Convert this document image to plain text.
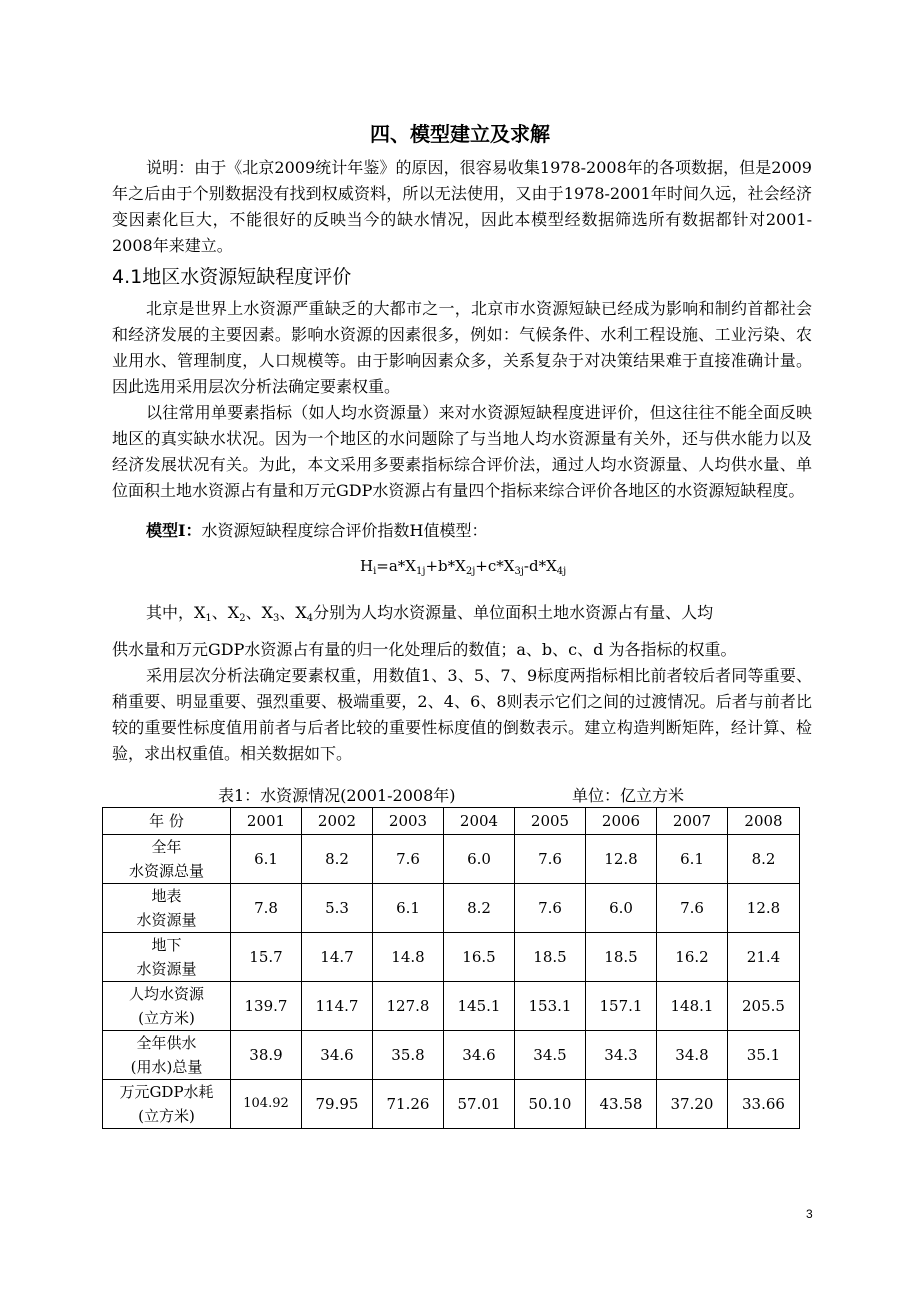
四、模型建立及求解

说明：由于《北京2009统计年鉴》的原因，很容易收集1978-2008年的各项数据，但是2009年之后由于个别数据没有找到权威资料，所以无法使用，又由于1978-2001年时间久远，社会经济变因素化巨大，不能很好的反映当今的缺水情况，因此本模型经数据筛选所有数据都针对2001-2008年来建立。

4.1地区水资源短缺程度评价

北京是世界上水资源严重缺乏的大都市之一，北京市水资源短缺已经成为影响和制约首都社会和经济发展的主要因素。影响水资源的因素很多，例如：气候条件、水利工程设施、工业污染、农业用水、管理制度，人口规模等。由于影响因素众多，关系复杂于对决策结果难于直接准确计量。因此选用采用层次分析法确定要素权重。

以往常用单要素指标（如人均水资源量）来对水资源短缺程度进评价，但这往往不能全面反映地区的真实缺水状况。因为一个地区的水问题除了与当地人均水资源量有关外，还与供水能力以及经济发展状况有关。为此，本文采用多要素指标综合评价法，通过人均水资源量、人均供水量、单位面积土地水资源占有量和万元GDP水资源占有量四个指标来综合评价各地区的水资源短缺程度。

模型Ⅰ：水资源短缺程度综合评价指数H值模型：

$H_i=a*X_{1j}+b*X_{2j}+c*X_{3j}-d*X_{4j}$

其中，$X_1$、$X_2$、$X_3$、$X_4$分别为人均水资源量、单位面积土地水资源占有量、人均

供水量和万元GDP水资源占有量的归一化处理后的数值；a、b、c、d 为各指标的权重。

采用层次分析法确定要素权重，用数值1、3、5、7、9标度两指标相比前者较后者同等重要、稍重要、明显重要、强烈重要、极端重要，2、4、6、8则表示它们之间的过渡情况。后者与前者比较的重要性标度值用前者与后者比较的重要性标度值的倒数表示。建立构造判断矩阵，经计算、检验，求出权重值。相关数据如下。

表1：水资源情况(2001-2008年)	单位：亿立方米
年 份	2001	2002	2003	2004	2005	2006	2007	2008
全年
水资源总量	6.1	8.2	7.6	6.0	7.6	12.8	6.1	8.2
地表
水资源量	7.8	5.3	6.1	8.2	7.6	6.0	7.6	12.8
地下
水资源量	15.7	14.7	14.8	16.5	18.5	18.5	16.2	21.4
人均水资源
(立方米)	139.7	114.7	127.8	145.1	153.1	157.1	148.1	205.5
全年供水
(用水)总量	38.9	34.6	35.8	34.6	34.5	34.3	34.8	35.1
万元GDP水耗
(立方米)	104.92	79.95	71.26	57.01	50.10	43.58	37.20	33.66
3
